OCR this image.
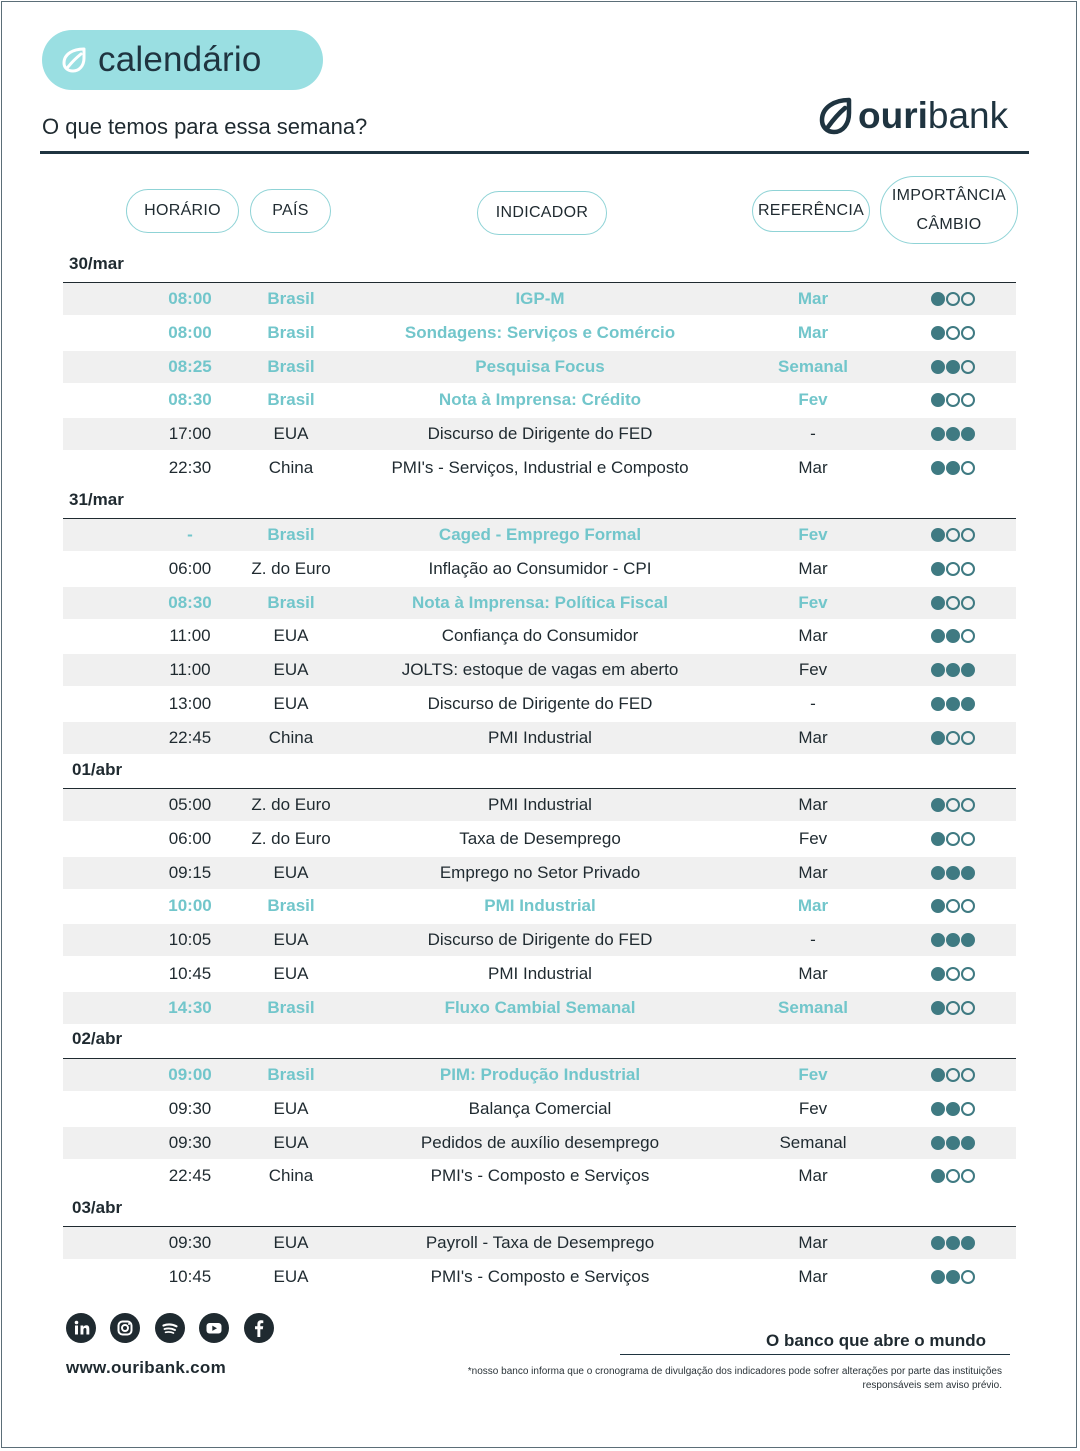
calendário
O que temos para essa semana?	ouri bank
HORÁRIO	PAÍS	INDICADOR	REFERÊNCIA
IMPORTÂNCIA
CÂMBIO
30/mar
08:00	Brasil	IGP-M	Mar
08:00	Brasil	Sondagens: Serviços e Comércio	Mar
08:25	Brasil	Pesquisa Focus	Semanal
08:30	Brasil	Nota à Imprensa: Crédito	Fev
17:00	EUA	Discurso de Dirigente do FED	-
22:30	China	PMI's - Serviços, Industrial e Composto	Mar
31/mar
-	Brasil	Caged - Emprego Formal	Fev
06:00	Z. do Euro	Inflação ao Consumidor - CPI	Mar
08:30	Brasil	Nota à Imprensa: Política Fiscal	Fev
11:00	EUA	Confiança do Consumidor	Mar
11:00	EUA	JOLTS: estoque de vagas em aberto	Fev
13:00	EUA	Discurso de Dirigente do FED	-
22:45	China	PMI Industrial	Mar
01/abr
05:00	Z. do Euro	PMI Industrial	Mar
06:00	Z. do Euro	Taxa de Desemprego	Fev
09:15	EUA	Emprego no Setor Privado	Mar
10:00	Brasil	PMI Industrial	Mar
10:05	EUA	Discurso de Dirigente do FED	-
10:45	EUA	PMI Industrial	Mar
14:30	Brasil	Fluxo Cambial Semanal	Semanal
02/abr
09:00	Brasil	PIM: Produção Industrial	Fev
09:30	EUA	Balança Comercial	Fev
09:30	EUA	Pedidos de auxílio desemprego	Semanal
22:45	China	PMI's - Composto e Serviços	Mar
03/abr
09:30	EUA	Payroll - Taxa de Desemprego	Mar
10:45	EUA	PMI's - Composto e Serviços	Mar
O banco que abre o mundo
www.ouribank.com	*nosso banco informa que o cronograma de divulgação dos indicadores pode sofrer alterações por parte das instituições
responsáveis sem aviso prévio.
